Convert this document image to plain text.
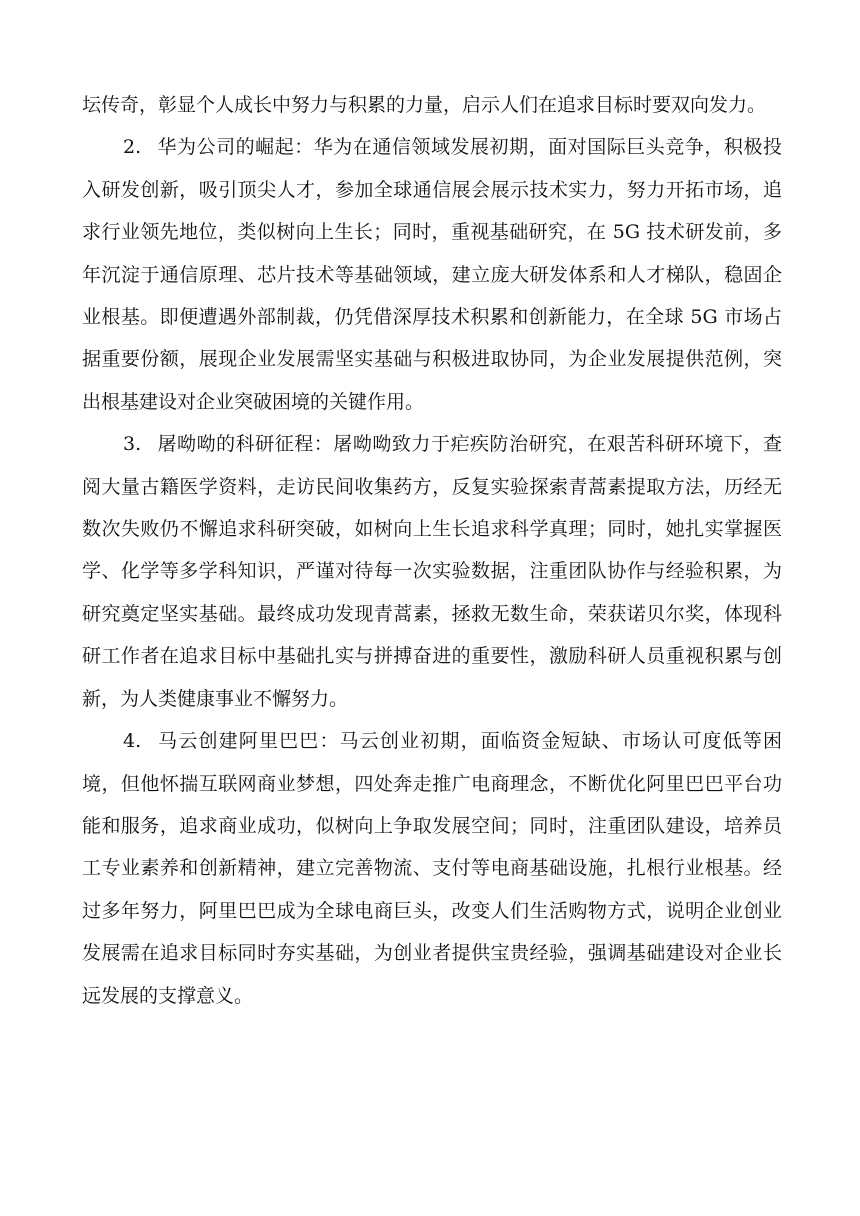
坛传奇，彰显个人成长中努力与积累的力量，启示人们在追求目标时要双向发力。

2. 华为公司的崛起：华为在通信领域发展初期，面对国际巨头竞争，积极投入研发创新，吸引顶尖人才，参加全球通信展会展示技术实力，努力开拓市场，追求行业领先地位，类似树向上生长；同时，重视基础研究，在 5G 技术研发前，多年沉淀于通信原理、芯片技术等基础领域，建立庞大研发体系和人才梯队，稳固企业根基。即便遭遇外部制裁，仍凭借深厚技术积累和创新能力，在全球 5G 市场占据重要份额，展现企业发展需坚实基础与积极进取协同，为企业发展提供范例，突出根基建设对企业突破困境的关键作用。

3. 屠呦呦的科研征程：屠呦呦致力于疟疾防治研究，在艰苦科研环境下，查阅大量古籍医学资料，走访民间收集药方，反复实验探索青蒿素提取方法，历经无数次失败仍不懈追求科研突破，如树向上生长追求科学真理；同时，她扎实掌握医学、化学等多学科知识，严谨对待每一次实验数据，注重团队协作与经验积累，为研究奠定坚实基础。最终成功发现青蒿素，拯救无数生命，荣获诺贝尔奖，体现科研工作者在追求目标中基础扎实与拼搏奋进的重要性，激励科研人员重视积累与创新，为人类健康事业不懈努力。

4. 马云创建阿里巴巴：马云创业初期，面临资金短缺、市场认可度低等困境，但他怀揣互联网商业梦想，四处奔走推广电商理念，不断优化阿里巴巴平台功能和服务，追求商业成功，似树向上争取发展空间；同时，注重团队建设，培养员工专业素养和创新精神，建立完善物流、支付等电商基础设施，扎根行业根基。经过多年努力，阿里巴巴成为全球电商巨头，改变人们生活购物方式，说明企业创业发展需在追求目标同时夯实基础，为创业者提供宝贵经验，强调基础建设对企业长远发展的支撑意义。
